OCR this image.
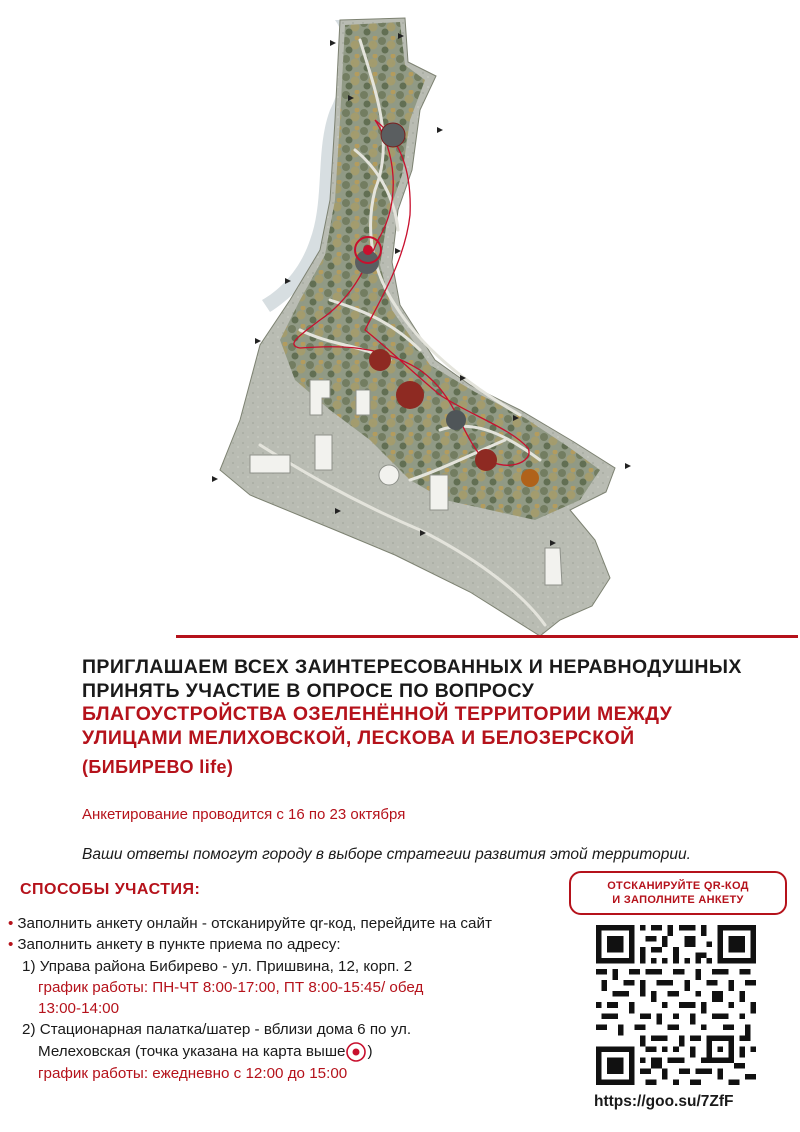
ПРИГЛАШАЕМ ВСЕХ ЗАИНТЕРЕСОВАННЫХ И НЕРАВНОДУШНЫХ
ПРИНЯТЬ УЧАСТИЕ В ОПРОСЕ ПО ВОПРОСУ
БЛАГОУСТРОЙСТВА ОЗЕЛЕНЁННОЙ ТЕРРИТОРИИ МЕЖДУ
УЛИЦАМИ МЕЛИХОВСКОЙ, ЛЕСКОВА И БЕЛОЗЕРСКОЙ
(БИБИРЕВО life)
Анкетирование проводится с 16 по 23 октября
Ваши ответы помогут городу в выборе стратегии развития этой территории.
СПОСОБЫ УЧАСТИЯ:
• Заполнить анкету онлайн - отсканируйте qr-код, перейдите на сайт
• Заполнить анкету в пункте приема по адресу:
1) Управа района Бибирево - ул. Пришвина, 12, корп. 2
график работы: ПН-ЧТ 8:00-17:00, ПТ 8:00-15:45/ обед
13:00-14:00
2) Стационарная палатка/шатер - вблизи дома 6 по ул.
Мелеховская (точка указана на карта выше )
график работы: ежедневно с 12:00 до 15:00
ОТСКАНИРУЙТЕ QR-КОД
И ЗАПОЛНИТЕ АНКЕТУ
https://goo.su/7ZfF
